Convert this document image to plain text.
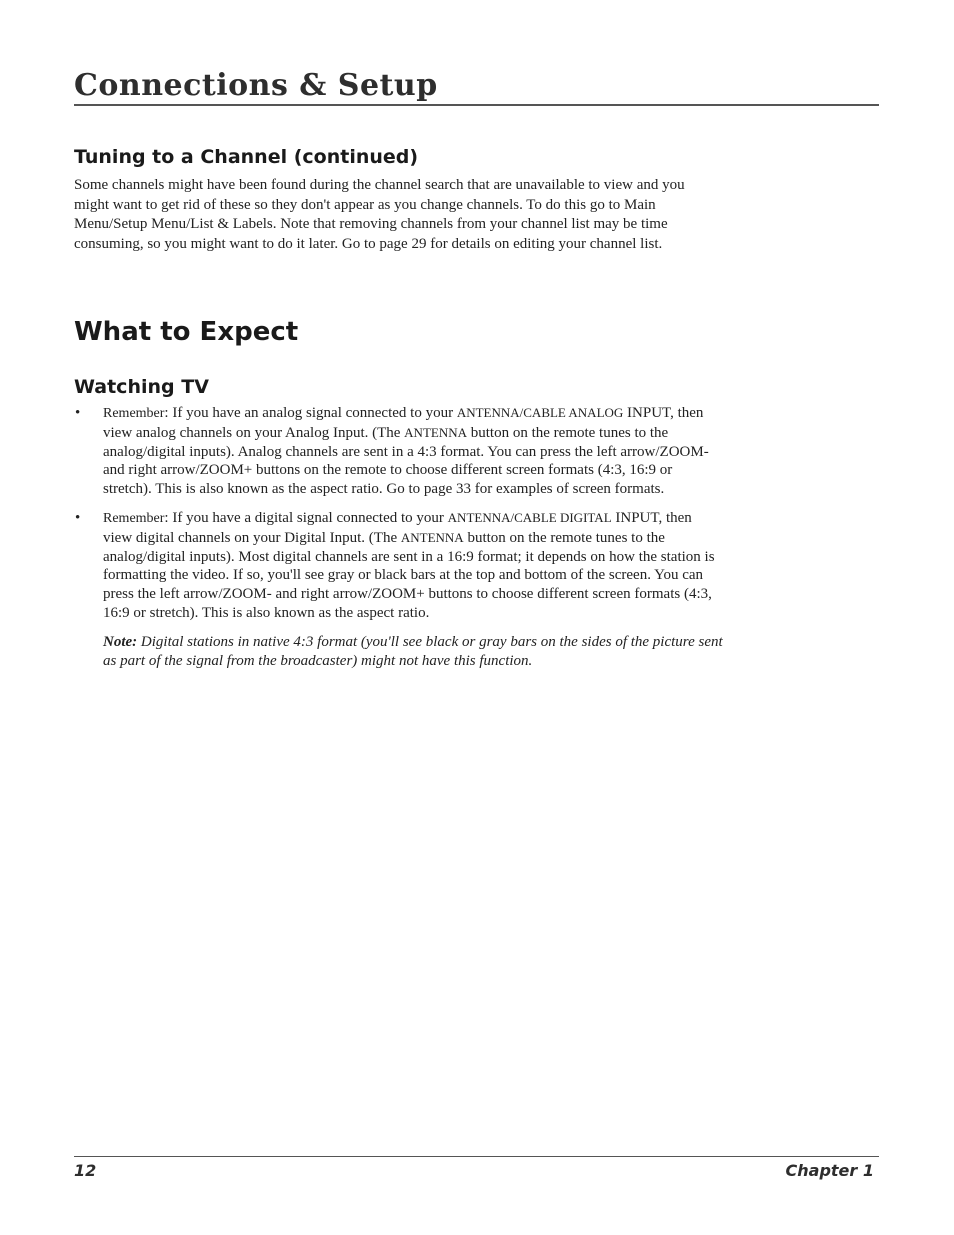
Connections & Setup
Tuning to a Channel (continued)

Some channels might have been found during the channel search that are unavailable to view and you might want to get rid of these so they don't appear as you change channels. To do this go to Main Menu/Setup Menu/List & Labels. Note that removing channels from your channel list may be time consuming, so you might want to do it later. Go to page 29 for details on editing your channel list.

What to Expect
Watching TV
• Remember: If you have an analog signal connected to your ANTENNA/CABLE ANALOG INPUT, then view analog channels on your Analog Input. (The ANTENNA button on the remote tunes to the analog/digital inputs). Analog channels are sent in a 4:3 format. You can press the left arrow/ZOOM- and right arrow/ZOOM+ buttons on the remote to choose different screen formats (4:3, 16:9 or stretch). This is also known as the aspect ratio. Go to page 33 for examples of screen formats.
• Remember: If you have a digital signal connected to your ANTENNA/CABLE DIGITAL INPUT, then view digital channels on your Digital Input. (The ANTENNA button on the remote tunes to the analog/digital inputs). Most digital channels are sent in a 16:9 format; it depends on how the station is formatting the video. If so, you'll see gray or black bars at the top and bottom of the screen. You can press the left arrow/ZOOM- and right arrow/ZOOM+ buttons to choose different screen formats (4:3, 16:9 or stretch). This is also known as the aspect ratio.
Note: Digital stations in native 4:3 format (you'll see black or gray bars on the sides of the picture sent as part of the signal from the broadcaster) might not have this function.
12	Chapter 1
